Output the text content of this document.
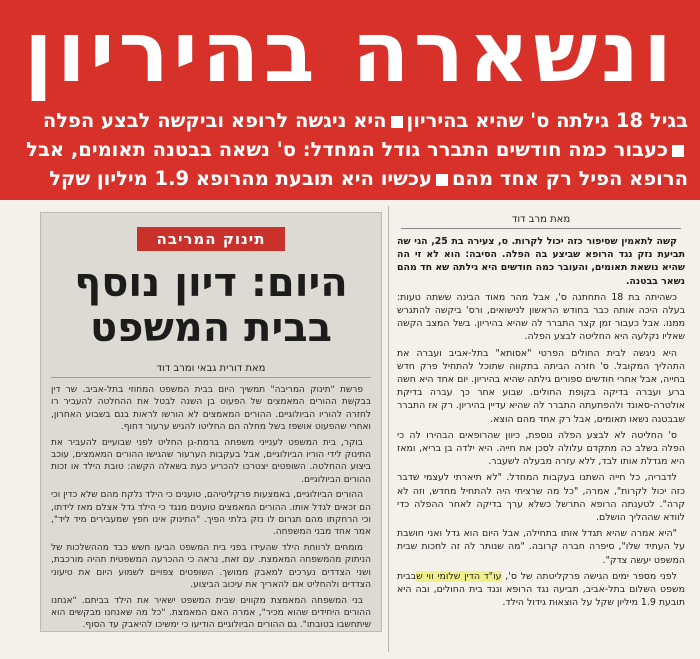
ונשארה בהיריון
בגיל 18 גילתה ס' שהיא בהיריוןהיא ניגשה לרופא וביקשה לבצע הפלה
כעבור כמה חודשים התברר גודל המחדל: ס' נשאה בבטנה תאומים, אבל
הרופא הפיל רק אחד מהםעכשיו היא תובעת מהרופא 1.9 מיליון שקל
מאת מרב דוד

קשה לתאמין שסיפור כזה יכול לקרות. ס, צעירה בת 25, הגי שה תביעת נזק נגד הרופא שביצע בה הפלה. הסיבה: הוא לא זי הה שהיא נושאת תאומים, והעובר כמה חודשים היא גילתה שא חד מהם נשאר בבטנה.

כשהיתה בת 18 התחתנה ס', אבל מהר מאוד הבינה ששתה טעות: בעלה היכה אותה כבר בחודש הראשון לנישואים, ורס' ביקשה להתגרש ממנו. אבל כעבור זמן קצר התברר לה שהיא בהיריון. בשל המצב הקשה שאליו נקלעה היא החליטה לבצע הפלה.

היא ניגשה לבית החולים הפרטי "אסותא" בתל-אביב ועברה את התהליך המקובל. ס' חזרה הביתה בתקווה שתוכל להתחיל פרק חדש בחייה, אבל אחרי חודשים ספורים גילתה שהיא בהיריון. יום אחד היא חשה ברע ועברה בדיקה בקופת החולים. שבוע אחר כך עברה בדיקת אולטרה-סאונד ולהפתעתה התברר לה שהיא עדיין בהיריון. רק אז התברר שבבטנה נשאו תאומים, אבל רק אחד מהם הוצא.

ס' החליטה לא לבצע הפלה נוספת, כיוון שהרופאים הבהירו לה כי הפלה בשלב כה מתקדם עלולה לסכן את חייה. היא ילדה בן בריא, ומאז היא מגדלת אותו לבד, ללא עזרה מבעלה לשעבר.

לדבריה, כל חייה השתנו בעקבות המחדל. "לא תיארתי לעצמי שדבר כזה יכול לקרות", אמרה, "כל מה שרציתי היה להתחיל מחדש, וזה לא קרה". לטענתה הרופא התרשל כשלא ערך בדיקה לאחר ההפלה כדי לוודא שההליך הושלם.

"היא אמרה שהיא תגדל אותו בתחילה, אבל היום הוא גדל ואני חושבת על העתיד שלו", סיפרה חברה קרובה. "מה שנותר לה זה לחכות שבית המשפט יעשה צדק".

לפני מספר ימים הגישה פרקליטתה של ס', עו"ד הדין שלומי ווי שבבית משפט השלום בתל-אביב, תביעה נגד הרופא ונגד בית החולים, ובה היא תובעת 1.9 מיליון שקל על הוצאות גידול הילד.

תינוק המריבה
היום: דיון נוסף
בבית המשפט
מאת דורית גבאי ומרב דוד

פרשת "תינוק המריבה" תמשיך היום בבית המשפט המחוזי בתל-אביב. שר דין בבקשת ההורים המאמצים של הפעוט בן השנה לבטל את ההחלטה להעביר רו לחזרה להוריו הביולוגיים. ההורים המאמצים לא הורשו לראות בנם בשבוע האחרון, ואחרי שהפעוט אושפז בשל מחלה הם החליטו להגיש ערעור דחוף.

בוקר, בית המשפט לענייני משפחה ברמת-גן החליט לפני שבועיים להעביר את התינוק לידי הוריו הביולוגיים, אבל בעקבות הערעור שהגישו ההורים המאמצים, עוכב ביצוע ההחלטה. השופטים יצטרכו להכריע כעת בשאלה הקשה: טובת הילד או זכות ההורים הביולוגיים.

ההורים הביולוגיים, באמצעות פרקליטיהם, טוענים כי הילד נלקח מהם שלא כדין וכי הם זכאים לגדל אותו. ההורים המאמצים טוענים מנגד כי הילד גדל אצלם מאז לידתו, וכי הרחקתו מהם תגרום לו נזק בלתי הפיך. "התינוק אינו חפץ שמעבירים מיד ליד", אמר אחד מבני המשפחה.

מומחים לרווחת הילד שהעידו בפני בית המשפט הביעו חשש כבד מההשלכות של הניתוק מהמשפחה המאמצת. עם זאת, נראה כי ההכרעה המשפטית תהיה מורכבת, ושני הצדדים נערכים למאבק ממושך. השופטים צפויים לשמוע היום את טיעוני הצדדים ולהחליט אם להאריך את עיכוב הביצוע.

בני המשפחה המאמצת מקווים שבית המשפט ישאיר את הילד בביתם. "אנחנו ההורים היחידים שהוא מכיר", אמרה האם המאמצת. "כל מה שאנחנו מבקשים הוא שיתחשבו בטובתו". גם ההורים הביולוגיים הודיעו כי ימשיכו להיאבק עד הסוף.
